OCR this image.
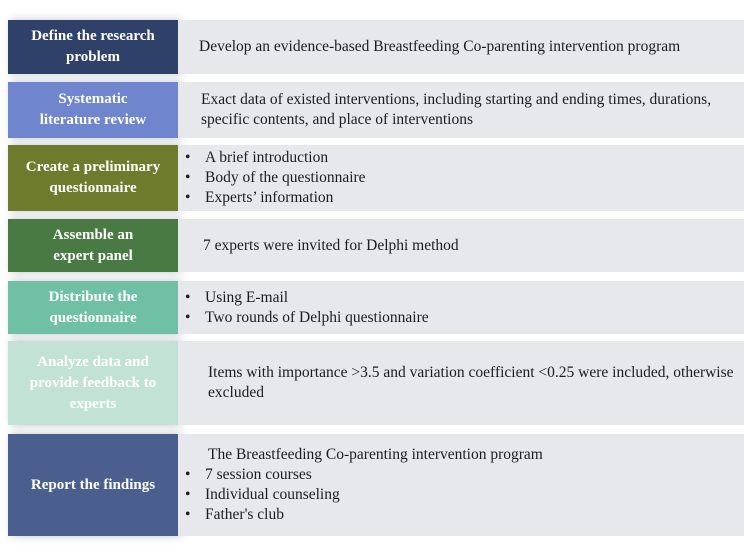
Define the research problem

Develop an evidence-based Breastfeeding Co-parenting intervention program

Systematic literature review

Exact data of existed interventions, including starting and ending times, durations, specific contents, and place of interventions

Create a preliminary questionnaire
• A brief introduction
• Body of the questionnaire
• Experts’ information
Assemble an expert panel

7 experts were invited for Delphi method

Distribute the questionnaire
• Using E-mail
• Two rounds of Delphi questionnaire
Analyze data and provide feedback to experts

Items with importance >3.5 and variation coefficient <0.25 were included, otherwise excluded

Report the findings

The Breastfeeding Co-parenting intervention program

• 7 session courses
• Individual counseling
• Father's club
